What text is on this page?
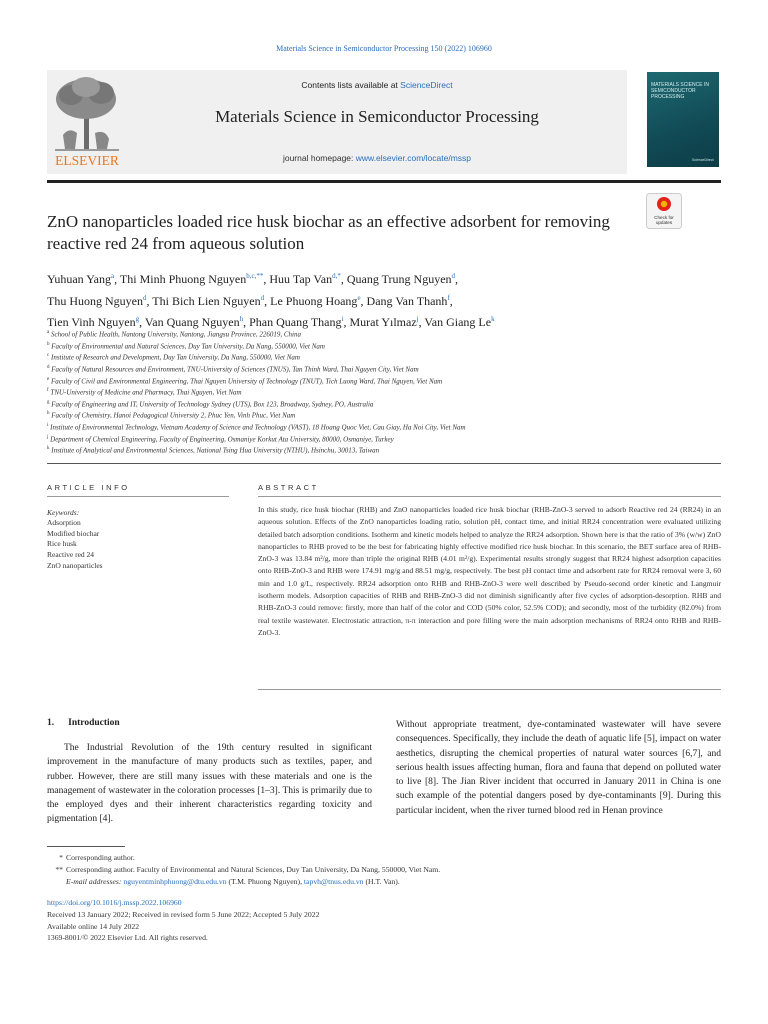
Materials Science in Semiconductor Processing 150 (2022) 106960
ELSEVIER
Contents lists available at ScienceDirect
Materials Science in Semiconductor Processing
journal homepage: www.elsevier.com/locate/mssp
MATERIALS SCIENCE IN SEMICONDUCTOR PROCESSING
ScienceDirect
ZnO nanoparticles loaded rice husk biochar as an effective adsorbent for removing reactive red 24 from aqueous solution
Check for
updates
Yuhuan Yang$^a$, Thi Minh Phuong Nguyen$^{b,c,**}$, Huu Tap Van$^{d,*}$, Quang Trung Nguyen$^d$,
Thu Huong Nguyen$^d$, Thi Bich Lien Nguyen$^d$, Le Phuong Hoang$^e$, Dang Van Thanh$^f$,
Tien Vinh Nguyen$^g$, Van Quang Nguyen$^h$, Phan Quang Thang$^i$, Murat Yılmaz$^j$, Van Giang Le$^k$
$^a$ School of Public Health, Nantong University, Nantong, Jiangsu Province, 226019, China
$^b$ Faculty of Environmental and Natural Sciences, Duy Tan University, Da Nang, 550000, Viet Nam
$^c$ Institute of Research and Development, Duy Tan University, Da Nang, 550000, Viet Nam
$^d$ Faculty of Natural Resources and Environment, TNU-University of Sciences (TNUS), Tan Thinh Ward, Thai Nguyen City, Viet Nam
$^e$ Faculty of Civil and Environmental Engineering, Thai Nguyen University of Technology (TNUT), Tich Luong Ward, Thai Nguyen, Viet Nam
$^f$ TNU-University of Medicine and Pharmacy, Thai Nguyen, Viet Nam
$^g$ Faculty of Engineering and IT, University of Technology Sydney (UTS), Box 123, Broadway, Sydney, PO, Australia
$^h$ Faculty of Chemistry, Hanoi Pedagogical University 2, Phuc Yen, Vinh Phuc, Viet Nam
$^i$ Institute of Environmental Technology, Vietnam Academy of Science and Technology (VAST), 18 Hoang Quoc Viet, Cau Giay, Ha Noi City, Viet Nam
$^j$ Department of Chemical Engineering, Faculty of Engineering, Osmaniye Korkut Ata University, 80000, Osmaniye, Turkey
$^k$ Institute of Analytical and Environmental Sciences, National Tsing Hua University (NTHU), Hsinchu, 30013, Taiwan
ARTICLE INFO
Keywords:
Adsorption
Modified biochar
Rice husk
Reactive red 24
ZnO nanoparticles
ABSTRACT
In this study, rice husk biochar (RHB) and ZnO nanoparticles loaded rice husk biochar (RHB-ZnO-3 served to adsorb Reactive red 24 (RR24) in an aqueous solution. Effects of the ZnO nanoparticles loading ratio, solution pH, contact time, and initial RR24 concentration were evaluated utilizing detailed batch adsorption conditions. Isotherm and kinetic models helped to analyze the RR24 adsorption. Shown here is that the ratio of 3% (w/w) ZnO nanoparticles to RHB proved to be the best for fabricating highly effective modified rice husk biochar. In this scenario, the BET surface area of RHB-ZnO-3 was 13.84 m²/g, more than triple the original RHB (4.01 m²/g). Experimental results strongly suggest that RR24 highest adsorption capacities onto RHB-ZnO-3 and RHB were 174.91 mg/g and 88.51 mg/g, respectively. The best pH contact time and adsorbent rate for RR24 removal were 3, 60 min and 1.0 g/L, respectively. RR24 adsorption onto RHB and RHB-ZnO-3 were well described by Pseudo-second order kinetic and Langmuir isotherm models. Adsorption capacities of RHB and RHB-ZnO-3 did not diminish significantly after five cycles of adsorption-desorption. RHB and RHB-ZnO-3 could remove: firstly, more than half of the color and COD (50% color, 52.5% COD); and secondly, most of the turbidity (82.0%) from real textile wastewater. Electrostatic attraction, π-π interaction and pore filling were the main adsorption mechanisms of RR24 onto RHB and RHB-ZnO-3.
1. Introduction
The Industrial Revolution of the 19th century resulted in significant improvement in the manufacture of many products such as textiles, paper, and rubber. However, there are still many issues with these materials and one is the management of wastewater in the coloration processes [1–3]. This is primarily due to the employed dyes and their inherent characteristics regarding toxicity and pigmentation [4].
Without appropriate treatment, dye-contaminated wastewater will have severe consequences. Specifically, they include the death of aquatic life [5], impact on water aesthetics, disrupting the chemical properties of natural water sources [6,7], and serious health issues affecting human, flora and fauna that depend on polluted water to live [8]. The Jian River incident that occurred in January 2011 in China is one such example of the potential dangers posed by dye-contaminants [9]. During this particular incident, when the river turned blood red in Henan province
* Corresponding author.
** Corresponding author. Faculty of Environmental and Natural Sciences, Duy Tan University, Da Nang, 550000, Viet Nam.
E-mail addresses: nguyentminhphuong@dtu.edu.vn (T.M. Phuong Nguyen), tapvh@tnus.edu.vn (H.T. Van).
https://doi.org/10.1016/j.mssp.2022.106960
Received 13 January 2022; Received in revised form 5 June 2022; Accepted 5 July 2022
Available online 14 July 2022
1369-8001/© 2022 Elsevier Ltd. All rights reserved.
